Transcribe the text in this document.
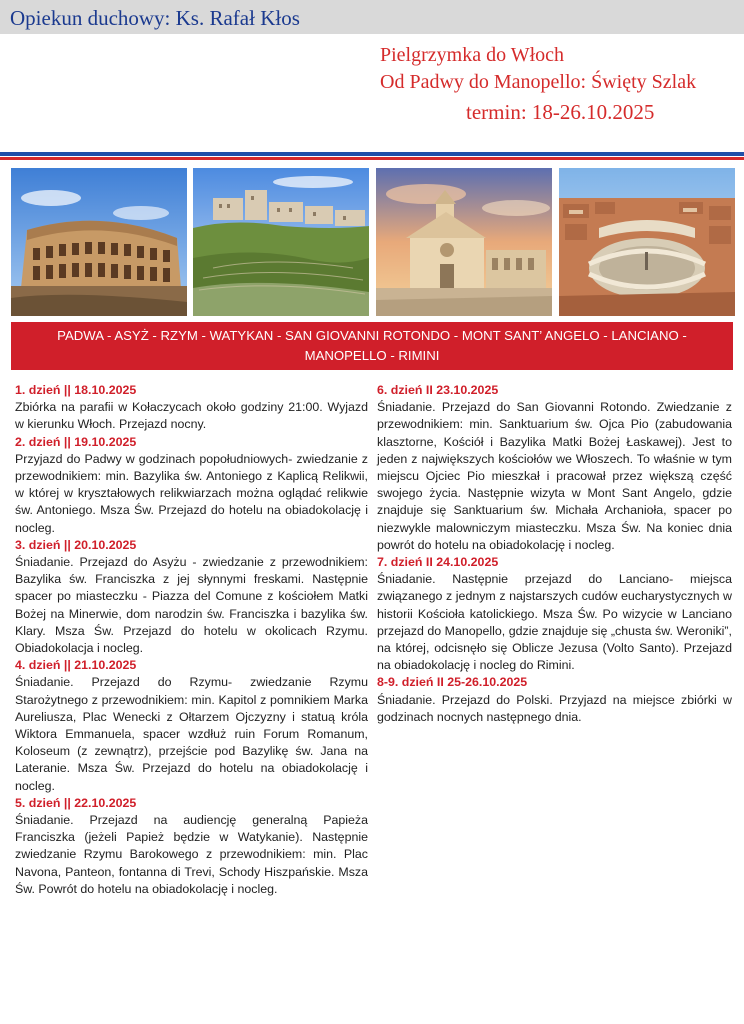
Opiekun duchowy: Ks. Rafał Kłos
Pielgrzymka do Włoch
Od Padwy do Manopello: Święty Szlak
termin: 18-26.10.2025
PADWA - ASYŻ - RZYM - WATYKAN - SAN GIOVANNI ROTONDO - MONT SANT’ ANGELO - LANCIANO -
MANOPELLO - RIMINI
1. dzień || 18.10.2025
Zbiórka na parafii w Kołaczycach około godziny 21:00. Wyjazd w kierunku Włoch. Przejazd nocny.
2. dzień || 19.10.2025
Przyjazd do Padwy w godzinach popołudniowych- zwiedzanie z przewodnikiem: min. Bazylika św. Antoniego z Kaplicą Relikwii, w której w kryształowych relikwiarzach można oglądać relikwie św. Antoniego. Msza Św. Przejazd do hotelu na obiadokolację i nocleg.
3. dzień || 20.10.2025
Śniadanie. Przejazd do Asyżu - zwiedzanie z przewodnikiem: Bazylika św. Franciszka z jej słynnymi freskami. Następnie spacer po miasteczku - Piazza del Comune z kościołem Matki Bożej na Minerwie, dom narodzin św. Franciszka i bazylika św. Klary. Msza Św. Przejazd do hotelu w okolicach Rzymu. Obiadokolacja i nocleg.
4. dzień || 21.10.2025
Śniadanie. Przejazd do Rzymu- zwiedzanie Rzymu Starożytnego z przewodnikiem: min. Kapitol z pomnikiem Marka Aureliusza, Plac Wenecki z Ołtarzem Ojczyzny i statuą króla Wiktora Emmanuela, spacer wzdłuż ruin Forum Romanum, Koloseum (z zewnątrz), przejście pod Bazylikę św. Jana na Lateranie. Msza Św. Przejazd do hotelu na obiadokolację i nocleg.
5. dzień || 22.10.2025
Śniadanie. Przejazd na audiencję generalną Papieża Franciszka (jeżeli Papież będzie w Watykanie). Następnie zwiedzanie Rzymu Barokowego z przewodnikiem: min. Plac Navona, Panteon, fontanna di Trevi, Schody Hiszpańskie. Msza Św. Powrót do hotelu na obiadokolację i nocleg.
6. dzień II 23.10.2025
Śniadanie. Przejazd do San Giovanni Rotondo. Zwiedzanie z przewodnikiem: min. Sanktuarium św. Ojca Pio (zabudowania klasztorne, Kościół i Bazylika Matki Bożej Łaskawej). Jest to jeden z największych kościołów we Włoszech. To właśnie w tym miejscu Ojciec Pio mieszkał i pracował przez większą część swojego życia. Następnie wizyta w Mont Sant Angelo, gdzie znajduje się Sanktuarium św. Michała Archanioła, spacer po niezwykle malowniczym miasteczku. Msza Św. Na koniec dnia powrót do hotelu na obiadokolację i nocleg.
7. dzień II 24.10.2025
Śniadanie. Następnie przejazd do Lanciano- miejsca związanego z jednym z najstarszych cudów eucharystycznych w historii Kościoła katolickiego. Msza Św. Po wizycie w Lanciano przejazd do Manopello, gdzie znajduje się „chusta św. Weroniki”, na której, odcisnęło się Oblicze Jezusa (Volto Santo). Przejazd na obiadokolację i nocleg do Rimini.
8-9. dzień II 25-26.10.2025
Śniadanie. Przejazd do Polski. Przyjazd na miejsce zbiórki w godzinach nocnych następnego dnia.
